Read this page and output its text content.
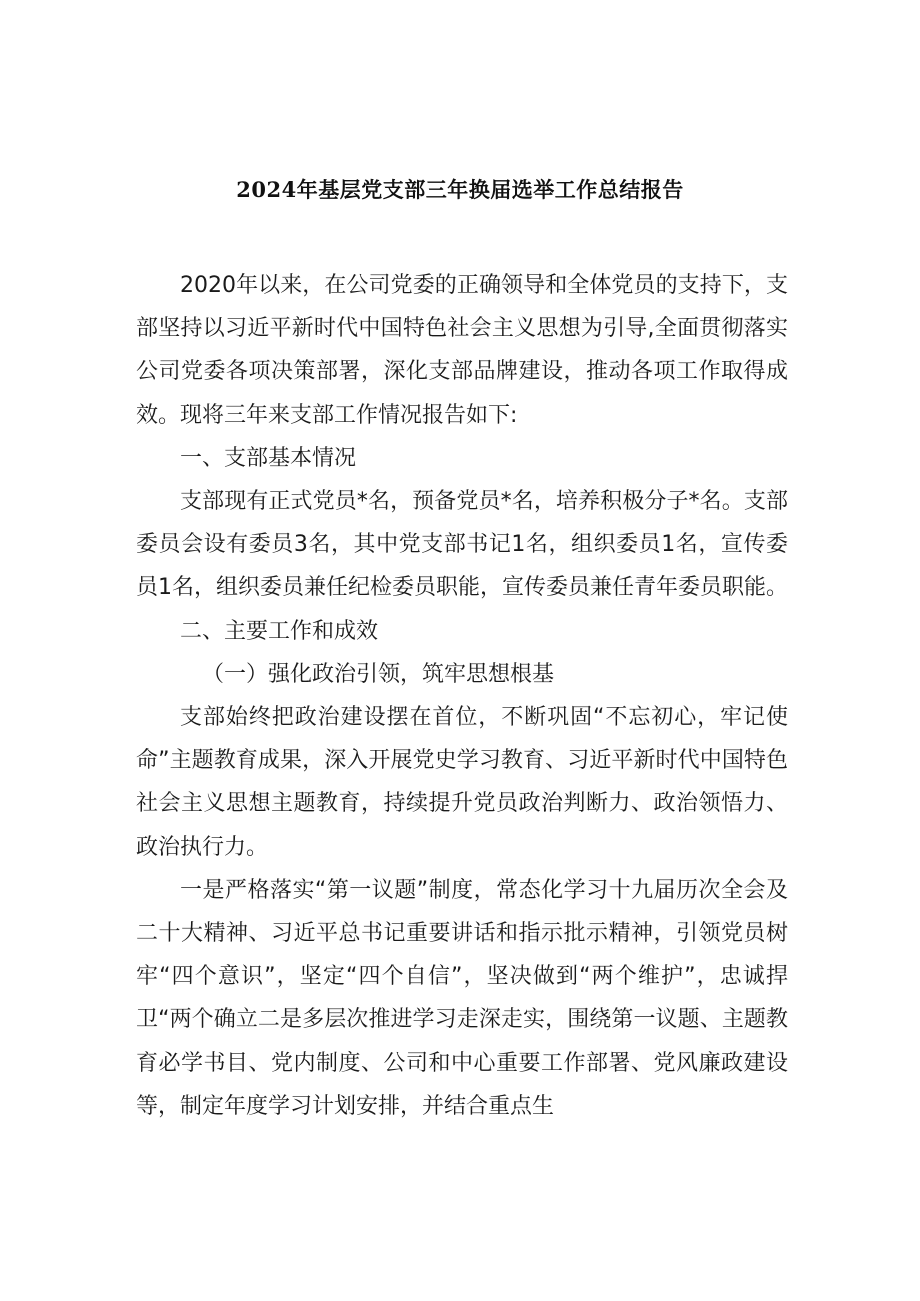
2024年基层党支部三年换届选举工作总结报告

2020年以来，在公司党委的正确领导和全体党员的支持下，支部坚持以习近平新时代中国特色社会主义思想为引导,全面贯彻落实公司党委各项决策部署，深化支部品牌建设，推动各项工作取得成效。现将三年来支部工作情况报告如下:

一、支部基本情况

支部现有正式党员*名，预备党员*名，培养积极分子*名。支部委员会设有委员3名，其中党支部书记1名，组织委员1名，宣传委员1名，组织委员兼任纪检委员职能，宣传委员兼任青年委员职能。

二、主要工作和成效

（一）强化政治引领，筑牢思想根基

支部始终把政治建设摆在首位，不断巩固“不忘初心，牢记使命”主题教育成果，深入开展党史学习教育、习近平新时代中国特色社会主义思想主题教育，持续提升党员政治判断力、政治领悟力、政治执行力。

一是严格落实“第一议题”制度，常态化学习十九届历次全会及二十大精神、习近平总书记重要讲话和指示批示精神，引领党员树牢“四个意识”，坚定“四个自信”，坚决做到“两个维护”，忠诚捍卫“两个确立二是多层次推进学习走深走实，围绕第一议题、主题教育必学书目、党内制度、公司和中心重要工作部署、党风廉政建设等，制定年度学习计划安排，并结合重点生
